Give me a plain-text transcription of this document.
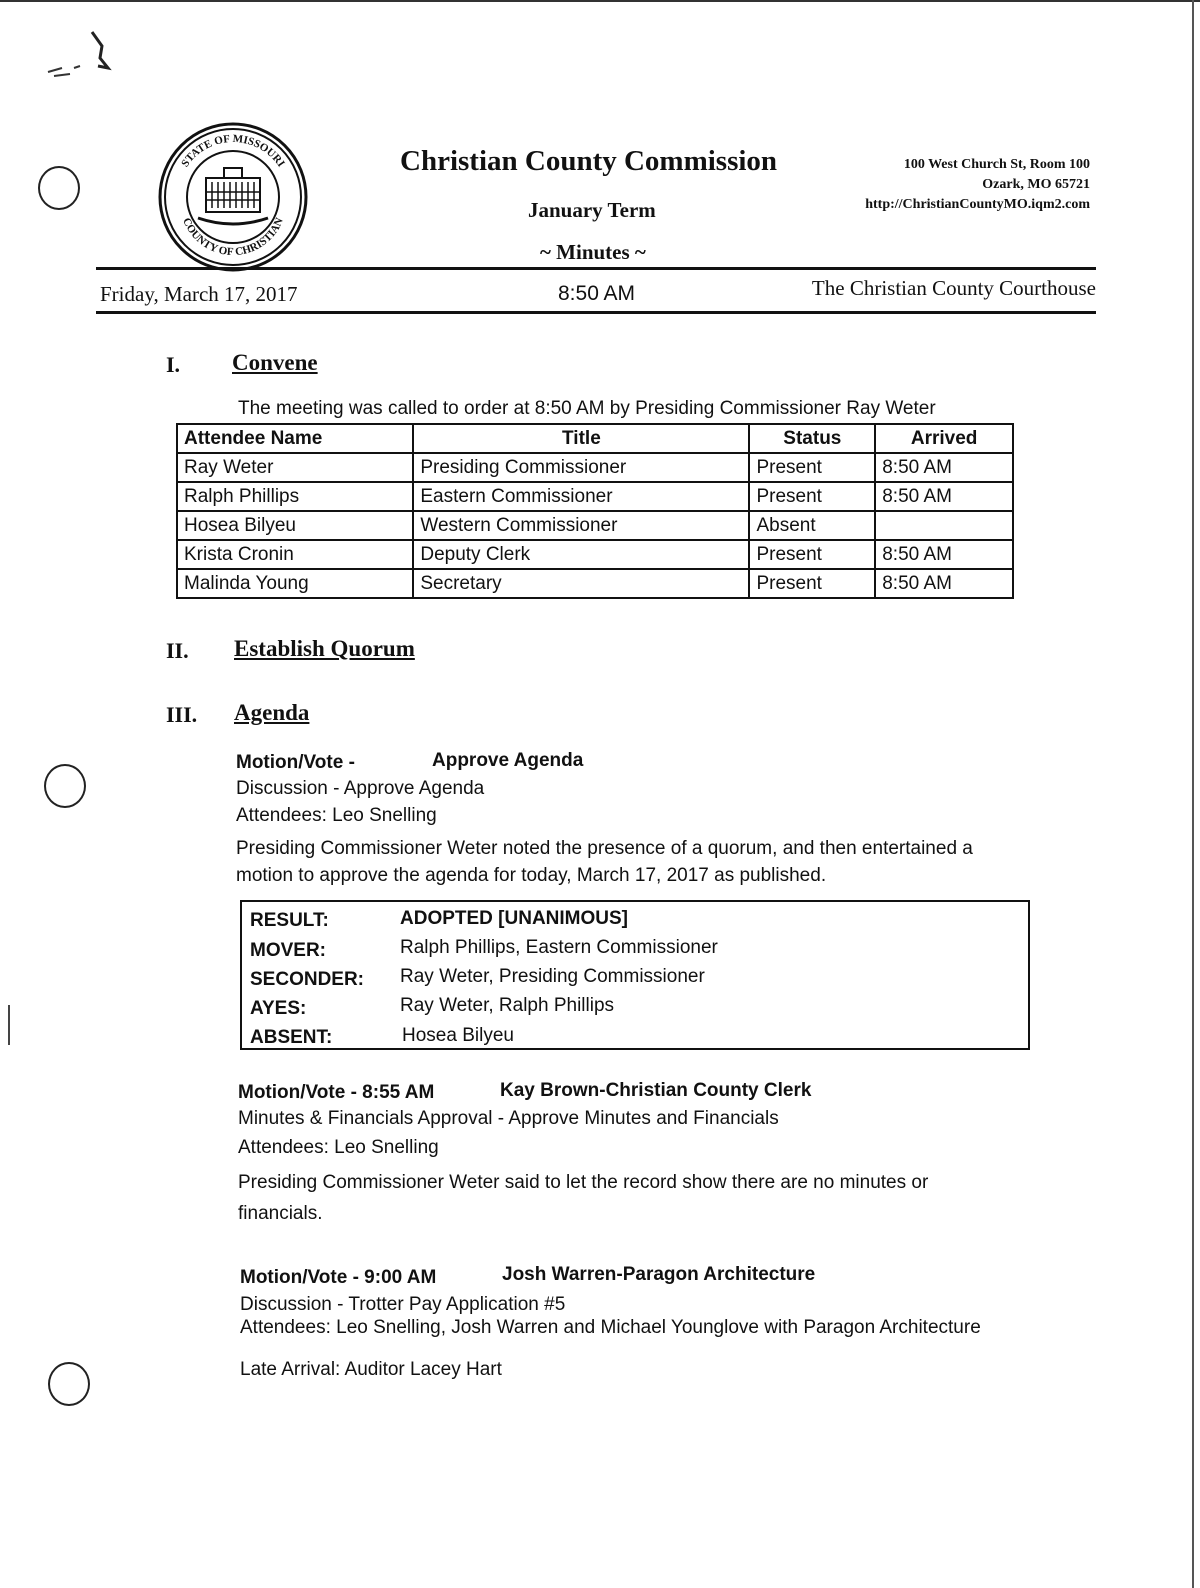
STATE OF MISSOURI
COUNTY OF CHRISTIAN
Christian County Commission
January Term
~ Minutes ~
100 West Church St, Room 100
Ozark, MO 65721
http://ChristianCountyMO.iqm2.com
Friday, March 17, 2017	8:50 AM	The Christian County Courthouse
I. Convene
The meeting was called to order at 8:50 AM by Presiding Commissioner Ray Weter
Attendee Name	Title	Status	Arrived
Ray Weter	Presiding Commissioner	Present	8:50 AM
Ralph Phillips	Eastern Commissioner	Present	8:50 AM
Hosea Bilyeu	Western Commissioner	Absent	
Krista Cronin	Deputy Clerk	Present	8:50 AM
Malinda Young	Secretary	Present	8:50 AM
II. Establish Quorum
III. Agenda
Motion/Vote -	Approve Agenda
Discussion - Approve Agenda
Attendees: Leo Snelling
Presiding Commissioner Weter noted the presence of a quorum, and then entertained a
motion to approve the agenda for today, March 17, 2017 as published.
RESULT:	ADOPTED [UNANIMOUS]
MOVER:	Ralph Phillips, Eastern Commissioner
SECONDER: Ray Weter, Presiding Commissioner
AYES:	Ray Weter, Ralph Phillips
ABSENT:	Hosea Bilyeu
Motion/Vote - 8:55 AM	Kay Brown-Christian County Clerk
Minutes & Financials Approval - Approve Minutes and Financials
Attendees: Leo Snelling
Presiding Commissioner Weter said to let the record show there are no minutes or
financials.
Motion/Vote - 9:00 AM	Josh Warren-Paragon Architecture
Discussion - Trotter Pay Application #5
Attendees: Leo Snelling, Josh Warren and Michael Younglove with Paragon Architecture
Late Arrival: Auditor Lacey Hart
